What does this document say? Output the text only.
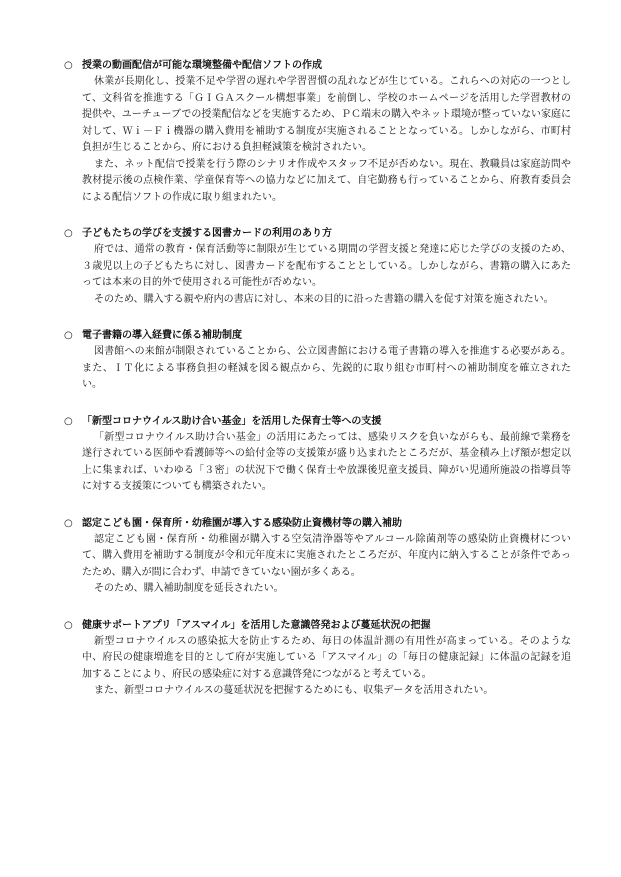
○ 授業の動画配信が可能な環境整備や配信ソフトの作成

休業が長期化し、授業不足や学習の遅れや学習習慣の乱れなどが生じている。これらへの対応の一つとして、文科省を推進する「ＧＩＧＡスクール構想事業」を前倒し、学校のホームページを活用した学習教材の提供や、ユーチューブでの授業配信などを実施するため、ＰＣ端末の購入やネット環境が整っていない家庭に対して、Ｗｉ－Ｆｉ機器の購入費用を補助する制度が実施されることとなっている。しかしながら、市町村負担が生じることから、府における負担軽減策を検討されたい。

また、ネット配信で授業を行う際のシナリオ作成やスタッフ不足が否めない。現在、教職員は家庭訪問や教材提示後の点検作業、学童保育等への協力などに加えて、自宅勤務も行っていることから、府教育委員会による配信ソフトの作成に取り組まれたい。

○ 子どもたちの学びを支援する図書カードの利用のあり方

府では、通常の教育・保育活動等に制限が生じている期間の学習支援と発達に応じた学びの支援のため、３歳児以上の子どもたちに対し、図書カードを配布することとしている。しかしながら、書籍の購入にあたっては本来の目的外で使用される可能性が否めない。

そのため、購入する親や府内の書店に対し、本来の目的に沿った書籍の購入を促す対策を施されたい。

○ 電子書籍の導入経費に係る補助制度

図書館への来館が制限されていることから、公立図書館における電子書籍の導入を推進する必要がある。また、ＩＴ化による事務負担の軽減を図る観点から、先鋭的に取り組む市町村への補助制度を確立されたい。

○ 「新型コロナウイルス助け合い基金」を活用した保育士等への支援

「新型コロナウイルス助け合い基金」の活用にあたっては、感染リスクを負いながらも、最前線で業務を遂行されている医師や看護師等への給付金等の支援策が盛り込まれたところだが、基金積み上げ額が想定以上に集まれば、いわゆる「３密」の状況下で働く保育士や放課後児童支援員、障がい児通所施設の指導員等に対する支援策についても構築されたい。

○ 認定こども園・保育所・幼稚園が導入する感染防止資機材等の購入補助

認定こども園・保育所・幼稚園が購入する空気清浄器等やアルコール除菌剤等の感染防止資機材について、購入費用を補助する制度が令和元年度末に実施されたところだが、年度内に納入することが条件であったため、購入が間に合わず、申請できていない園が多くある。

そのため、購入補助制度を延長されたい。

○ 健康サポートアプリ「アスマイル」を活用した意識啓発および蔓延状況の把握

新型コロナウイルスの感染拡大を防止するため、毎日の体温計測の有用性が高まっている。そのような中、府民の健康増進を目的として府が実施している「アスマイル」の「毎日の健康記録」に体温の記録を追加することにより、府民の感染症に対する意識啓発につながると考えている。

また、新型コロナウイルスの蔓延状況を把握するためにも、収集データを活用されたい。
